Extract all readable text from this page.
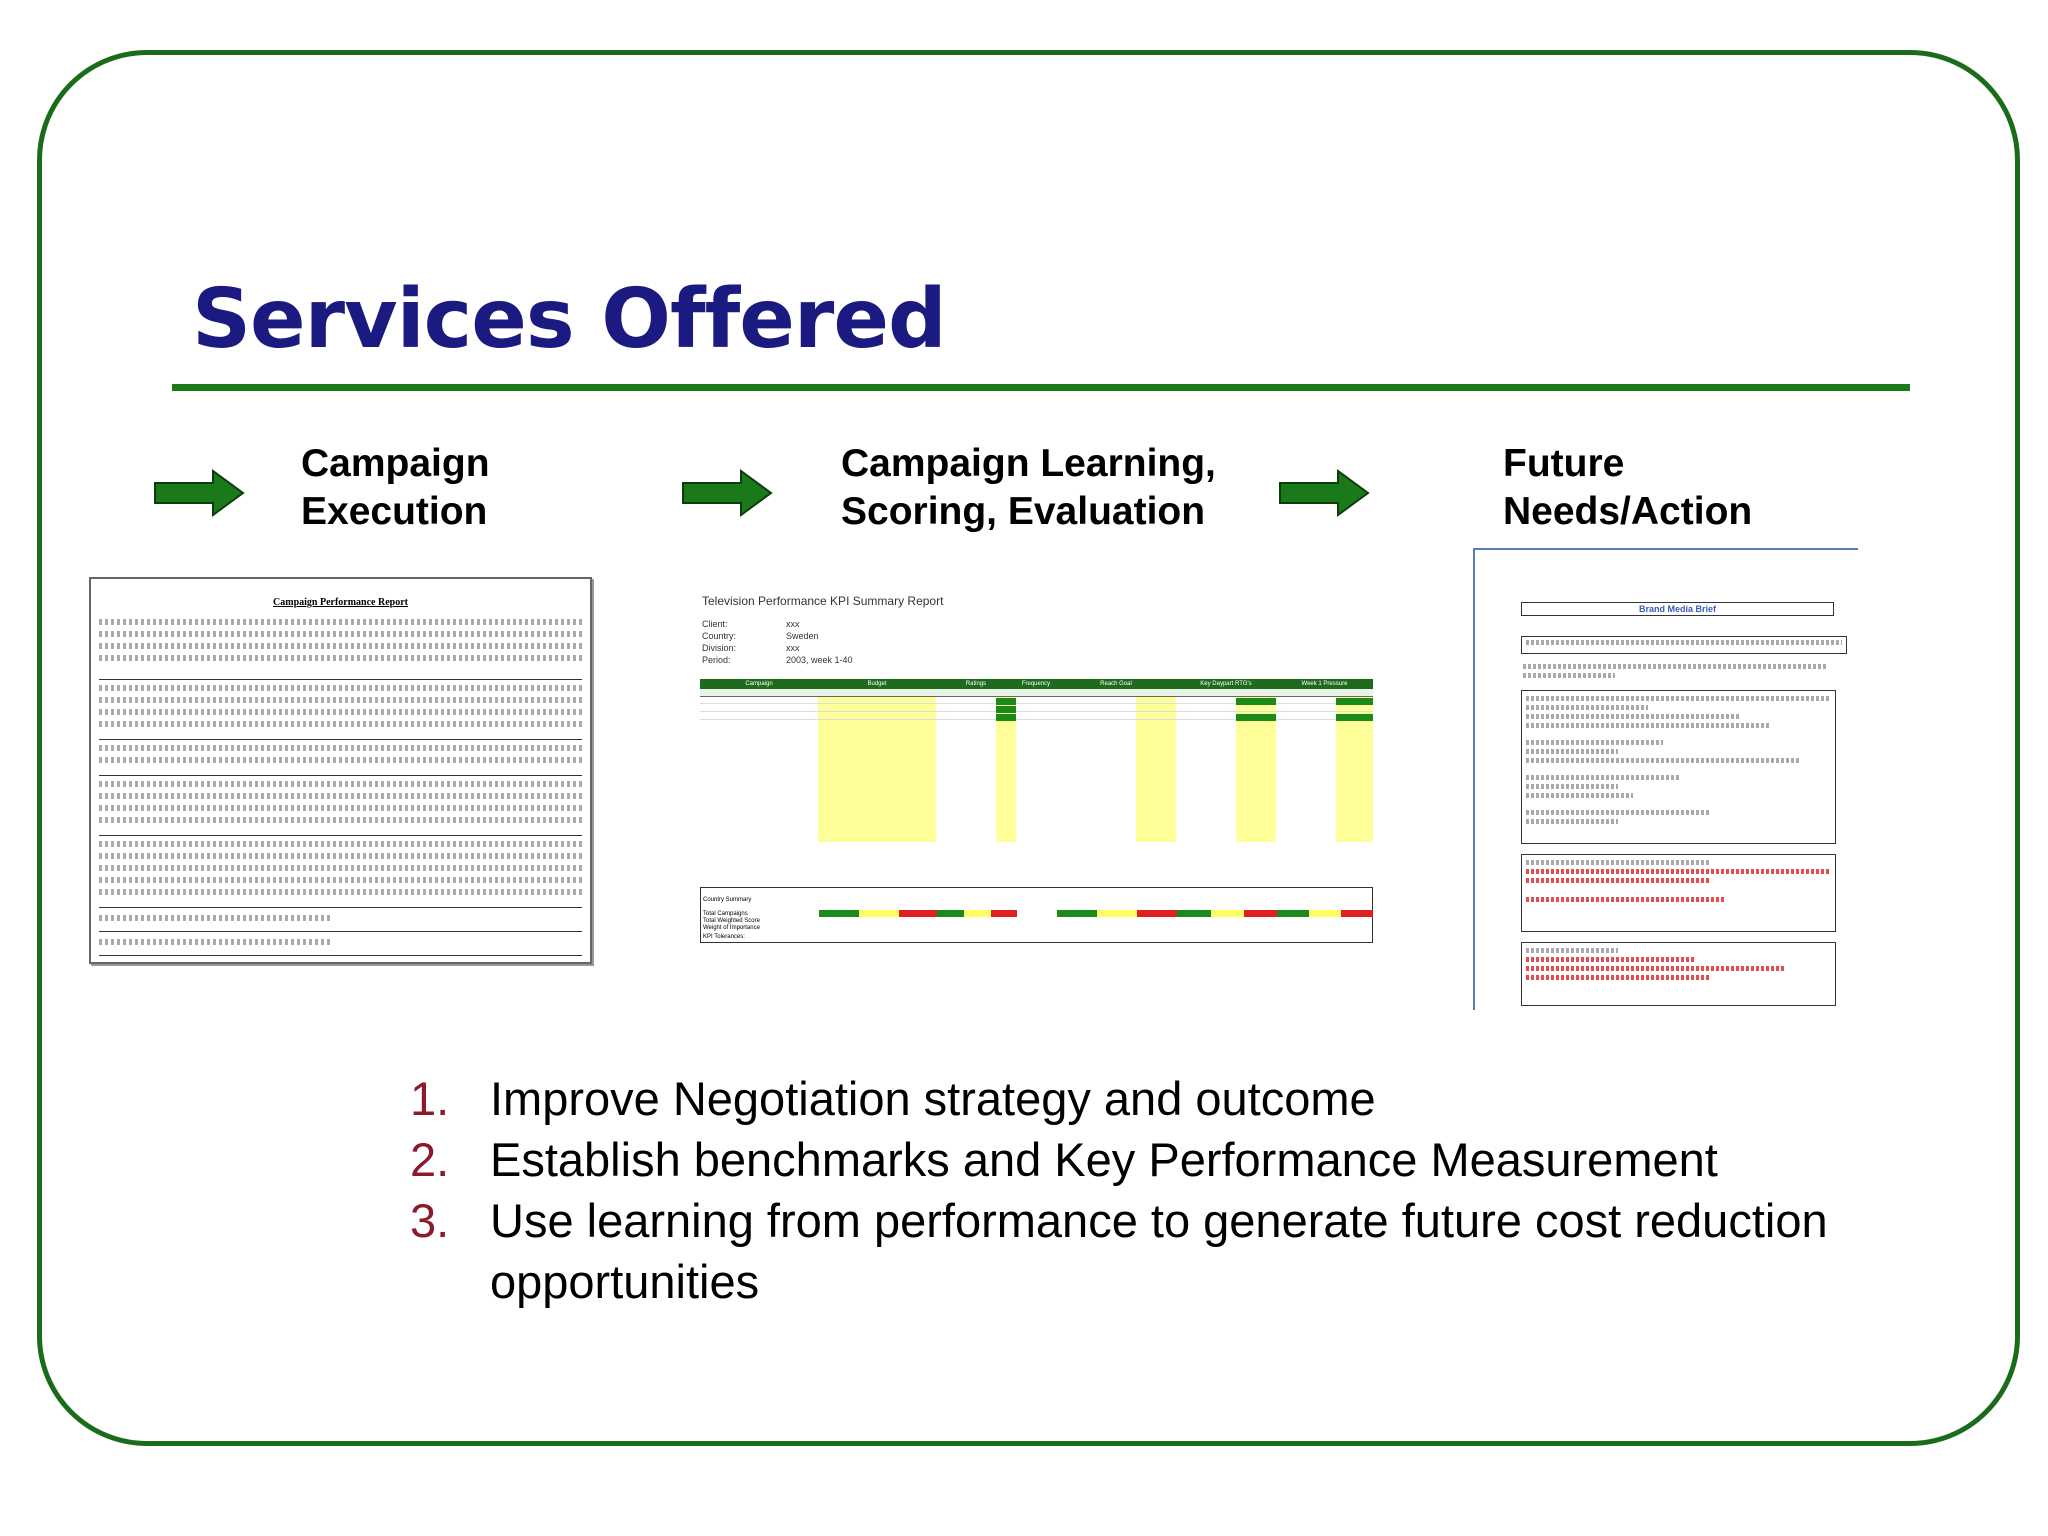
Services Offered
Campaign
Execution
Campaign Learning,
Scoring, Evaluation
Future
Needs/Action
Campaign Performance Report	Television Performance KPI Summary Report
Client:	xxx
Country:	Sweden
Division:	xxx
Period:	2003, week 1-40
Campaign	Budget	Ratings	Frequency	Reach Goal	Key Daypart RTG's	Week 1 Pressure
Country Summary
Total Campaigns
Total Weighted Score
Weight of Importance
KPI Tolerances:
Brand Media Brief
1. Improve Negotiation strategy and outcome
2. Establish benchmarks and Key Performance Measurement
3. Use learning from performance to generate future cost reduction opportunities
